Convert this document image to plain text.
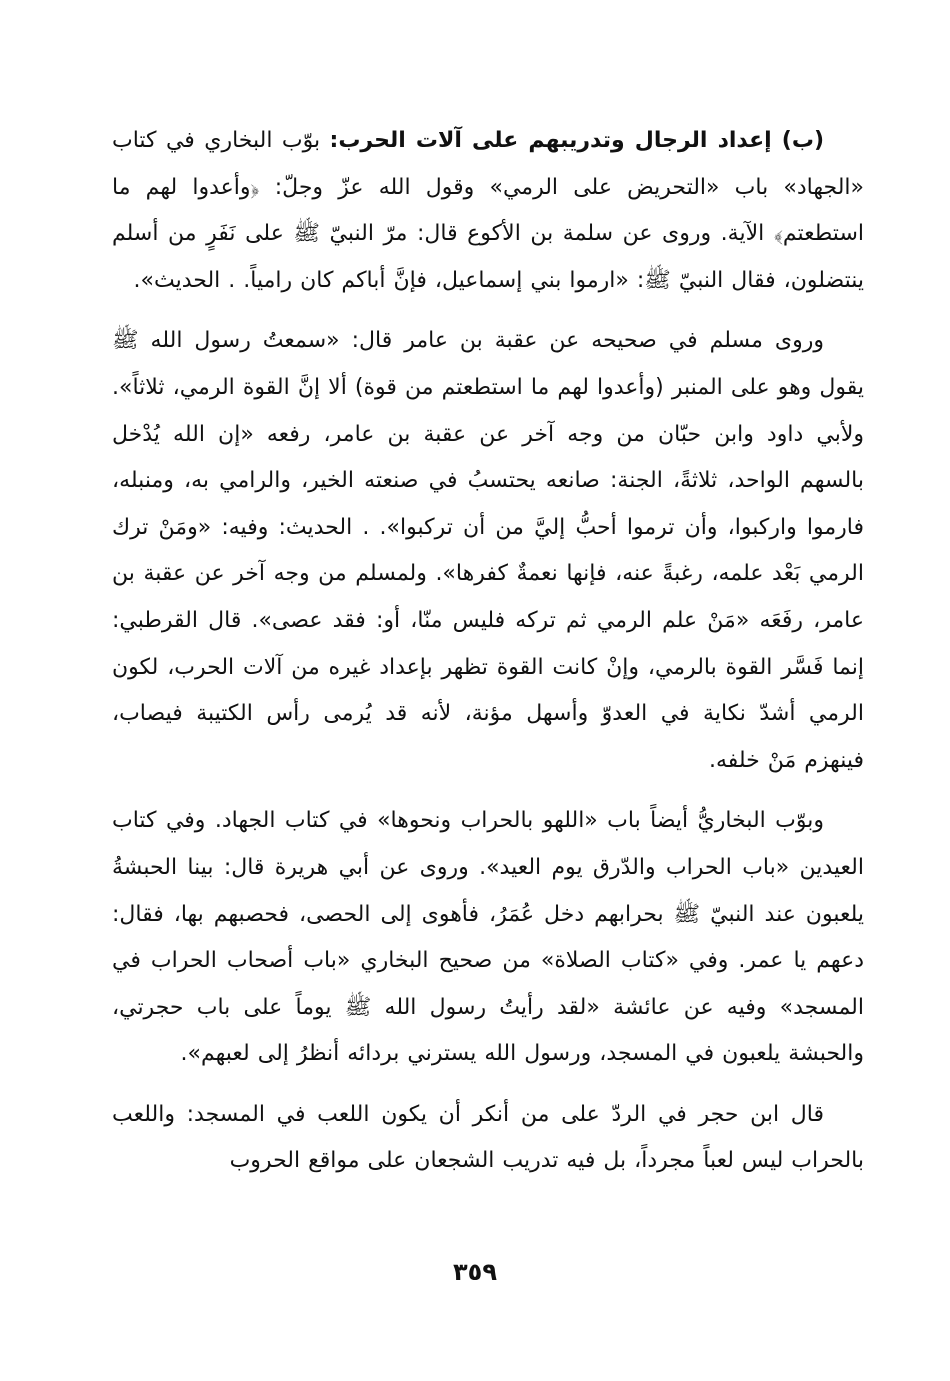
(ب) إعداد الرجال وتدريبهم على آلات الحرب: بوّب البخاري في كتاب «الجهاد» باب «التحريض على الرمي» وقول الله عزّ وجلّ: ﴿وأعدوا لهم ما استطعتم﴾ الآية. وروى عن سلمة بن الأكوع قال: مرّ النبيّ ﷺ على نَفَرٍ من أسلم ينتضلون، فقال النبيّ ﷺ: «ارموا بني إسماعيل، فإنَّ أباكم كان رامياً. . الحديث».

وروى مسلم في صحيحه عن عقبة بن عامر قال: «سمعتُ رسول الله ﷺ يقول وهو على المنبر (وأعدوا لهم ما استطعتم من قوة) ألا إنَّ القوة الرمي، ثلاثاً». ولأبي داود وابن حبّان من وجه آخر عن عقبة بن عامر، رفعه «إن الله يُدْخل بالسهم الواحد، ثلاثةً، الجنة: صانعه يحتسبُ في صنعته الخير، والرامي به، ومنبله، فارموا واركبوا، وأن ترموا أحبُّ إليَّ من أن تركبوا». . الحديث: وفيه: «ومَنْ ترك الرمي بَعْد علمه، رغبةً عنه، فإنها نعمةٌ كفرها». ولمسلم من وجه آخر عن عقبة بن عامر، رفَعَه «مَنْ علم الرمي ثم تركه فليس منّا، أو: فقد عصى». قال القرطبي: إنما فَسَّر القوة بالرمي، وإنْ كانت القوة تظهر بإعداد غيره من آلات الحرب، لكون الرمي أشدّ نكاية في العدوّ وأسهل مؤنة، لأنه قد يُرمى رأس الكتيبة فيصاب، فينهزم مَنْ خلفه.

وبوّب البخاريُّ أيضاً باب «اللهو بالحراب ونحوها» في كتاب الجهاد. وفي كتاب العيدين «باب الحراب والدّرق يوم العيد». وروى عن أبي هريرة قال: بينا الحبشةُ يلعبون عند النبيّ ﷺ بحرابهم دخل عُمَرُ، فأهوى إلى الحصى، فحصبهم بها، فقال: دعهم يا عمر. وفي «كتاب الصلاة» من صحيح البخاري «باب أصحاب الحراب في المسجد» وفيه عن عائشة «لقد رأيتُ رسول الله ﷺ يوماً على باب حجرتي، والحبشة يلعبون في المسجد، ورسول الله يسترني بردائه أنظرُ إلى لعبهم».

قال ابن حجر في الردّ على من أنكر أن يكون اللعب في المسجد: واللعب بالحراب ليس لعباً مجرداً، بل فيه تدريب الشجعان على مواقع الحروب

٣٥٩
